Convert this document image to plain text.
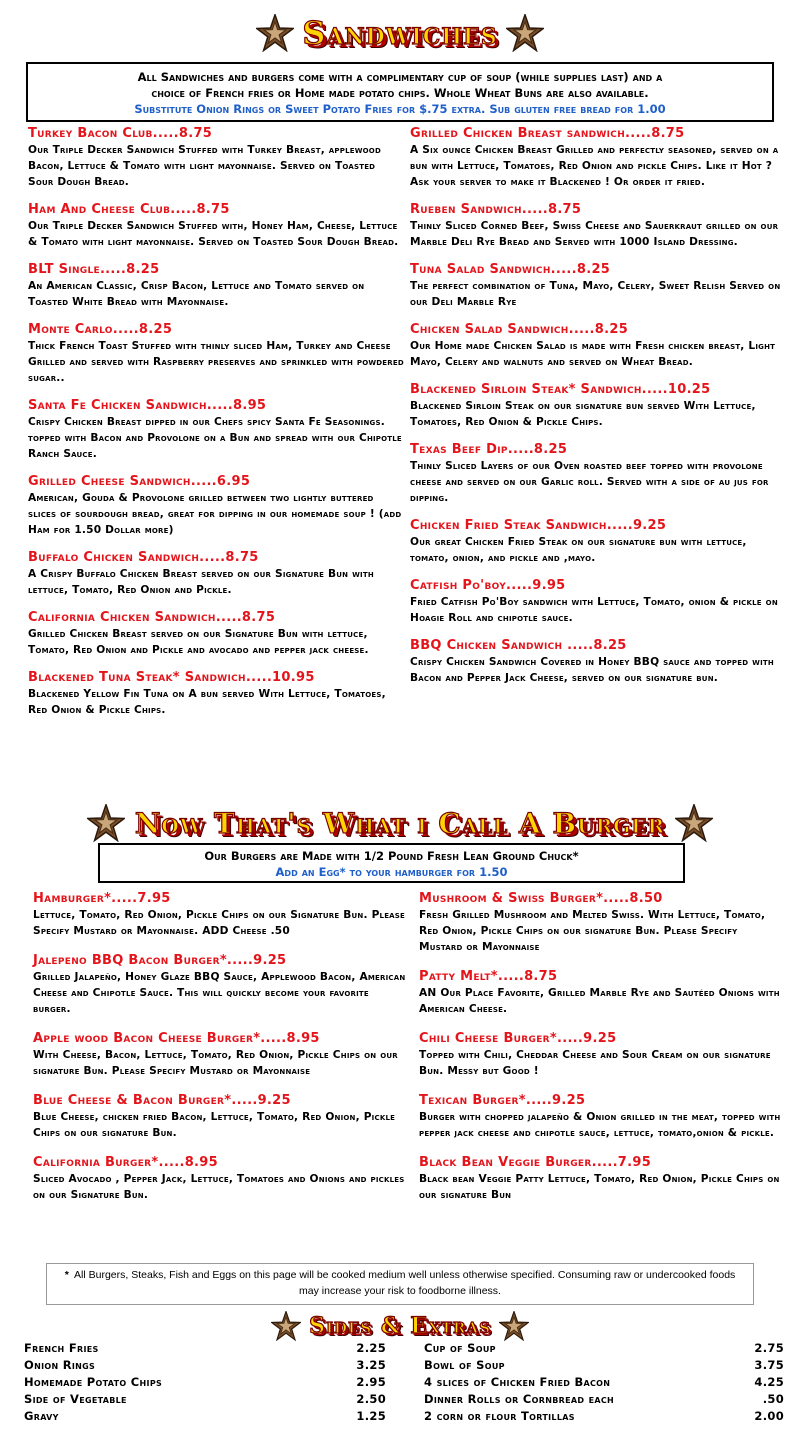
Sandwiches
All Sandwiches and burgers come with a complimentary cup of soup (while supplies last) and a
choice of French fries or Home made potato chips. Whole Wheat Buns are also available.
Substitute Onion Rings or Sweet Potato Fries for $.75 extra. Sub gluten free bread for 1.00
Turkey Bacon Club.....8.75
Our Triple Decker Sandwich Stuffed with Turkey Breast, applewood Bacon, Lettuce & Tomato with light mayonnaise. Served on Toasted Sour Dough Bread.
Ham And Cheese Club.....8.75
Our Triple Decker Sandwich Stuffed with, Honey Ham, Cheese, Lettuce & Tomato with light mayonnaise. Served on Toasted Sour Dough Bread.
BLT Single.....8.25
An American Classic, Crisp Bacon, Lettuce and Tomato served on Toasted White Bread with Mayonnaise.
Monte Carlo.....8.25
Thick French Toast Stuffed with thinly sliced Ham, Turkey and Cheese Grilled and served with Raspberry preserves and sprinkled with powdered sugar..
Santa Fe Chicken Sandwich.....8.95
Crispy Chicken Breast dipped in our Chefs spicy Santa Fe Seasonings. topped with Bacon and Provolone on a Bun and spread with our Chipotle Ranch Sauce.
Grilled Cheese Sandwich.....6.95
American, Gouda & Provolone grilled between two lightly buttered slices of sourdough bread, great for dipping in our homemade soup ! (add Ham for 1.50 Dollar more)
Buffalo Chicken Sandwich.....8.75
A Crispy Buffalo Chicken Breast served on our Signature Bun with lettuce, Tomato, Red Onion and Pickle.
California Chicken Sandwich.....8.75
Grilled Chicken Breast served on our Signature Bun with lettuce, Tomato, Red Onion and Pickle and avocado and pepper jack cheese.
Blackened Tuna Steak* Sandwich.....10.95
Blackened Yellow Fin Tuna on A bun served With Lettuce, Tomatoes, Red Onion & Pickle Chips.
Grilled Chicken Breast sandwich.....8.75
A Six ounce Chicken Breast Grilled and perfectly seasoned, served on a bun with Lettuce, Tomatoes, Red Onion and pickle Chips. Like it Hot ? Ask your server to make it Blackened ! Or order it fried.
Rueben Sandwich.....8.75
Thinly Sliced Corned Beef, Swiss Cheese and Sauerkraut grilled on our Marble Deli Rye Bread and Served with 1000 Island Dressing.
Tuna Salad Sandwich.....8.25
The perfect combination of Tuna, Mayo, Celery, Sweet Relish Served on our Deli Marble Rye
Chicken Salad Sandwich.....8.25
Our Home made Chicken Salad is made with Fresh chicken breast, Light Mayo, Celery and walnuts and served on Wheat Bread.
Blackened Sirloin Steak* Sandwich.....10.25
Blackened Sirloin Steak on our signature bun served With Lettuce, Tomatoes, Red Onion & Pickle Chips.
Texas Beef Dip.....8.25
Thinly Sliced Layers of our Oven roasted beef topped with provolone cheese and served on our Garlic roll. Served with a side of au jus for dipping.
Chicken Fried Steak Sandwich.....9.25
Our great Chicken Fried Steak on our signature bun with lettuce, tomato, onion, and pickle and ,mayo.
Catfish Po'boy.....9.95
Fried Catfish Po'Boy sandwich with Lettuce, Tomato, onion & pickle on Hoagie Roll and chipotle sauce.
BBQ Chicken Sandwich .....8.25
Crispy Chicken Sandwich Covered in Honey BBQ sauce and topped with Bacon and Pepper Jack Cheese, served on our signature bun.
Now That's What i Call A Burger
Our Burgers are Made with 1/2 Pound Fresh Lean Ground Chuck*
Add an Egg* to your hamburger for 1.50
Hamburger*.....7.95
Lettuce, Tomato, Red Onion, Pickle Chips on our Signature Bun. Please Specify Mustard or Mayonnaise. ADD Cheese .50
Jalepeno BBQ Bacon Burger*.....9.25
Grilled Jalapeño, Honey Glaze BBQ Sauce, Applewood Bacon, American Cheese and Chipotle Sauce. This will quickly become your favorite burger.
Apple wood Bacon Cheese Burger*.....8.95
With Cheese, Bacon, Lettuce, Tomato, Red Onion, Pickle Chips on our signature Bun. Please Specify Mustard or Mayonnaise
Blue Cheese & Bacon Burger*.....9.25
Blue Cheese, chicken fried Bacon, Lettuce, Tomato, Red Onion, Pickle Chips on our signature Bun.
California Burger*.....8.95
Sliced Avocado , Pepper Jack, Lettuce, Tomatoes and Onions and pickles on our Signature Bun.
Mushroom & Swiss Burger*.....8.50
Fresh Grilled Mushroom and Melted Swiss. With Lettuce, Tomato, Red Onion, Pickle Chips on our signature Bun. Please Specify Mustard or Mayonnaise
Patty Melt*.....8.75
AN Our Place Favorite, Grilled Marble Rye and Sautéed Onions with American Cheese.
Chili Cheese Burger*.....9.25
Topped with Chili, Cheddar Cheese and Sour Cream on our signature Bun. Messy but Good !
Texican Burger*.....9.25
Burger with chopped jalapeño & Onion grilled in the meat, topped with pepper jack cheese and chipotle sauce, lettuce, tomato,onion & pickle.
Black Bean Veggie Burger.....7.95
Black bean Veggie Patty Lettuce, Tomato, Red Onion, Pickle Chips on our signature Bun
* All Burgers, Steaks, Fish and Eggs on this page will be cooked medium well unless otherwise specified. Consuming raw or undercooked foods may increase your risk to foodborne illness.
Sides & Extras
French Fries	2.25
Onion Rings	3.25
Homemade Potato Chips	2.95
Side of Vegetable	2.50
Gravy	1.25
Cup of Soup	2.75
Bowl of Soup	3.75
4 slices of Chicken Fried Bacon	4.25
Dinner Rolls or Cornbread each	.50
2 corn or flour Tortillas	2.00
